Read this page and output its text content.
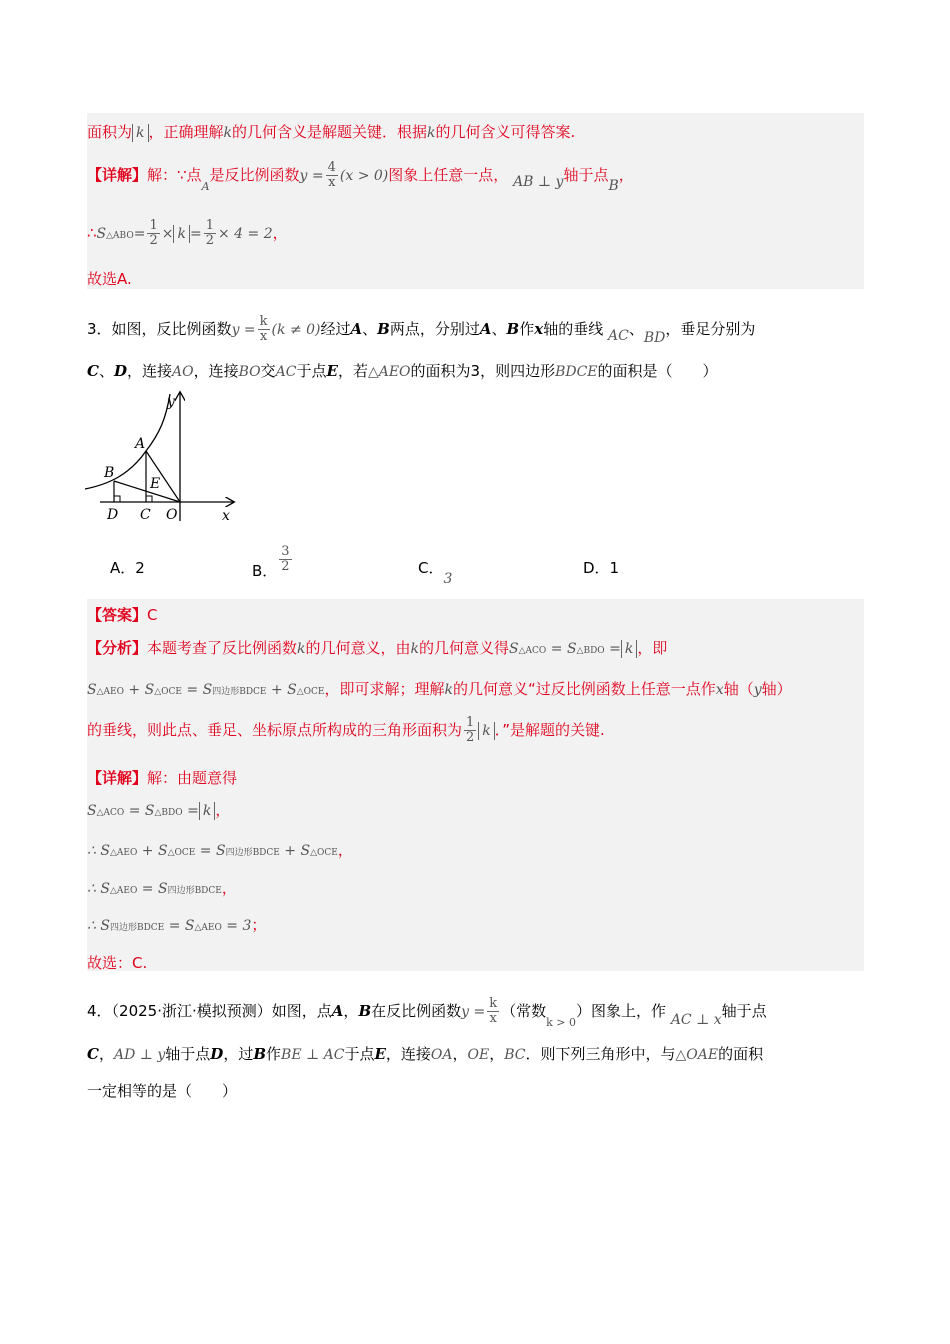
面积为 k ，正确理解k的几何含义是解题关键．根据k的几何含义可得答案.
【详解】解：∵点$_A$是反比例函数$y = \frac{4}{x} (x > 0)$图象上任意一点， AB ⊥ y轴于点B，
∴S△ABO= $\frac{1}{2} \times k = \frac{1}{2} \times 4 = 2$，
故选A.
3．如图，反比例函数$y = \frac{k}{x} (k \ne 0)$经过A、B两点，分别过A、B作x轴的垂线 AC、BD，垂足分别为
C、D，连接AO，连接BO交AC于点E，若△AEO的面积为3，则四边形BDCE的面积是（　　）
y
x
A
B
E
D C O
A．2	B． $\frac{3}{2}$	C．3
D．1
【答案】C
【分析】本题考查了反比例函数k的几何意义，由k的几何意义得S△ACO = S△BDO = k ，即
S△AEO + S△OCE = S四边形BDCE + S△OCE，即可求解；理解k的几何意义“过反比例函数上任意一点作x轴（y轴）
的垂线，则此点、垂足、坐标原点所构成的三角形面积为 $\frac{1}{2}$ k ．”是解题的关键.
【详解】解：由题意得
S△ACO = S△BDO = k ，
∴ S△AEO + S△OCE = S四边形BDCE + S△OCE，
∴ S△AEO = S四边形BDCE，
∴ S四边形BDCE = S△AEO = 3；
故选：C.
4．（2025·浙江·模拟预测）如图，点A，B在反比例函数$y = \frac{k}{x}$ （常数$_{k > 0}$）图象上，作 AC ⊥ x轴于点
C，AD ⊥ y轴于点D，过B作BE ⊥ AC于点E，连接OA，OE，BC．则下列三角形中，与△OAE的面积
一定相等的是（　　）
